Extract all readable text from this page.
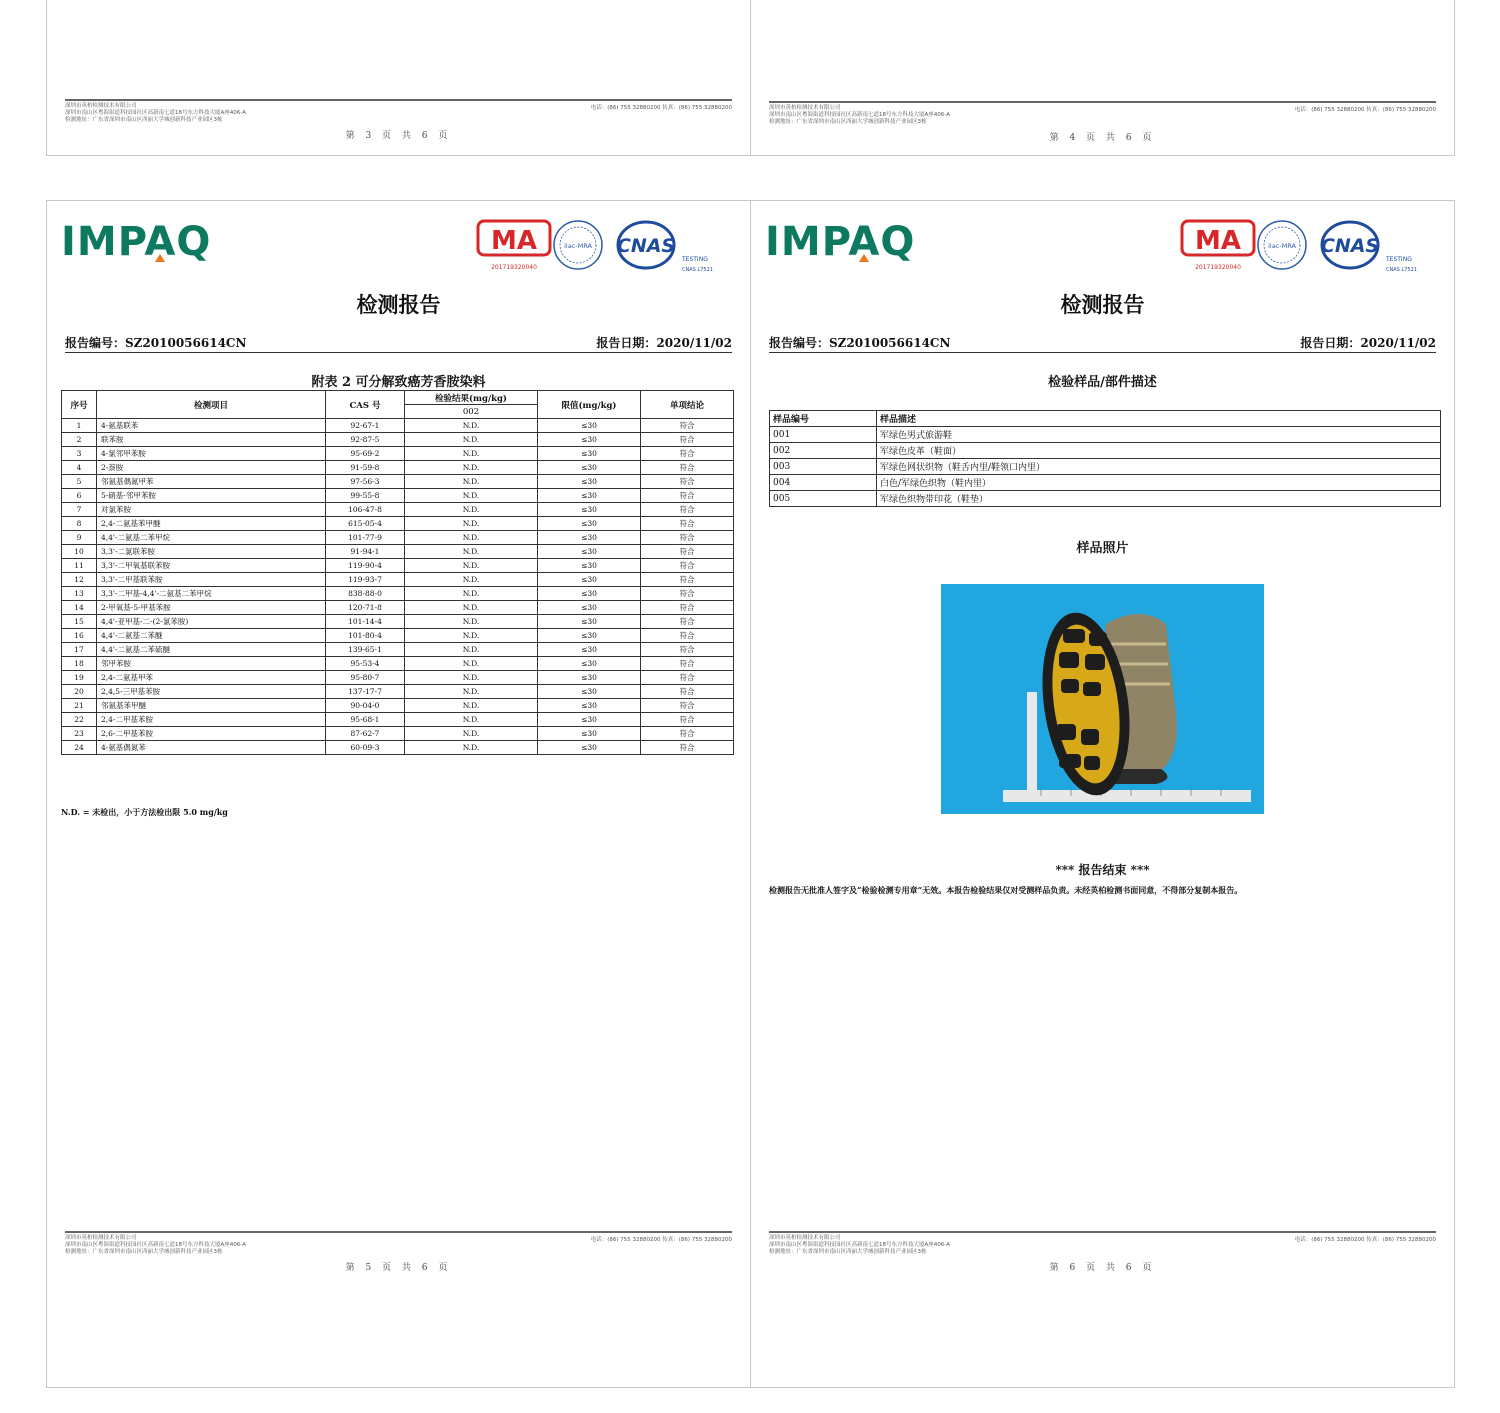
电话：(86) 755 32880200 传真：(86) 755 32880200
深圳市英柏检测技术有限公司
深圳市南山区粤海街道科技园社区高新南七道18号东方科技大厦A座406-A
检测地址：广东省深圳市南山区西丽大学城创新科技产业园区3栋
第 3 页 共 6 页
电话：(86) 755 32880200 传真：(86) 755 32880200
深圳市英柏检测技术有限公司
深圳市南山区粤海街道科技园社区高新南七道18号东方科技大厦A座406-A
检测地址：广东省深圳市南山区西丽大学城创新科技产业园区3栋
第 4 页 共 6 页
IMPAQ	MA
201719320040
ilac-MRA CNAS
TESTING
CNAS L7521
检测报告
报告编号：SZ2010056614CN	报告日期：2020/11/02
附表 2 可分解致癌芳香胺染料
序号	检测项目	CAS 号	检验结果(mg/kg)	限值(mg/kg)	单项结论
			002		
1	4-氨基联苯	92-67-1	N.D.	≤30	符合
2	联苯胺	92-87-5	N.D.	≤30	符合
3	4-氯邻甲苯胺	95-69-2	N.D.	≤30	符合
4	2-萘胺	91-59-8	N.D.	≤30	符合
5	邻氨基偶氮甲苯	97-56-3	N.D.	≤30	符合
6	5-硝基-邻甲苯胺	99-55-8	N.D.	≤30	符合
7	对氯苯胺	106-47-8	N.D.	≤30	符合
8	2,4-二氨基苯甲醚	615-05-4	N.D.	≤30	符合
9	4,4'-二氨基二苯甲烷	101-77-9	N.D.	≤30	符合
10	3,3'-二氯联苯胺	91-94-1	N.D.	≤30	符合
11	3,3'-二甲氧基联苯胺	119-90-4	N.D.	≤30	符合
12	3,3'-二甲基联苯胺	119-93-7	N.D.	≤30	符合
13	3,3'-二甲基-4,4'-二氨基二苯甲烷	838-88-0	N.D.	≤30	符合
14	2-甲氧基-5-甲基苯胺	120-71-8	N.D.	≤30	符合
15	4,4'-亚甲基-二-(2-氯苯胺)	101-14-4	N.D.	≤30	符合
16	4,4'-二氨基二苯醚	101-80-4	N.D.	≤30	符合
17	4,4'-二氨基二苯硫醚	139-65-1	N.D.	≤30	符合
18	邻甲苯胺	95-53-4	N.D.	≤30	符合
19	2,4-二氨基甲苯	95-80-7	N.D.	≤30	符合
20	2,4,5-三甲基苯胺	137-17-7	N.D.	≤30	符合
21	邻氨基苯甲醚	90-04-0	N.D.	≤30	符合
22	2,4-二甲基苯胺	95-68-1	N.D.	≤30	符合
23	2,6-二甲基苯胺	87-62-7	N.D.	≤30	符合
24	4-氨基偶氮苯	60-09-3	N.D.	≤30	符合
N.D. = 未检出，小于方法检出限 5.0 mg/kg
电话：(86) 755 32880200 传真：(86) 755 32880200
深圳市英柏检测技术有限公司
深圳市南山区粤海街道科技园社区高新南七道18号东方科技大厦A座406-A
检测地址：广东省深圳市南山区西丽大学城创新科技产业园区3栋
第 5 页 共 6 页
IMPAQ	MA
201719320040
ilac-MRA CNAS
TESTING
CNAS L7521
检测报告
报告编号：SZ2010056614CN	报告日期：2020/11/02
检验样品/部件描述
样品编号	样品描述
001	军绿色男式旅游鞋
002	军绿色皮革（鞋面）
003	军绿色网状织物（鞋舌内里/鞋领口内里）
004	白色/军绿色织物（鞋内里）
005	军绿色织物带印花（鞋垫）
样品照片
*** 报告结束 ***
检测报告无批准人签字及“检验检测专用章”无效。本报告检验结果仅对受测样品负责。未经英柏检测书面同意，不得部分复制本报告。
电话：(86) 755 32880200 传真：(86) 755 32880200
深圳市英柏检测技术有限公司
深圳市南山区粤海街道科技园社区高新南七道18号东方科技大厦A座406-A
检测地址：广东省深圳市南山区西丽大学城创新科技产业园区3栋
第 6 页 共 6 页
